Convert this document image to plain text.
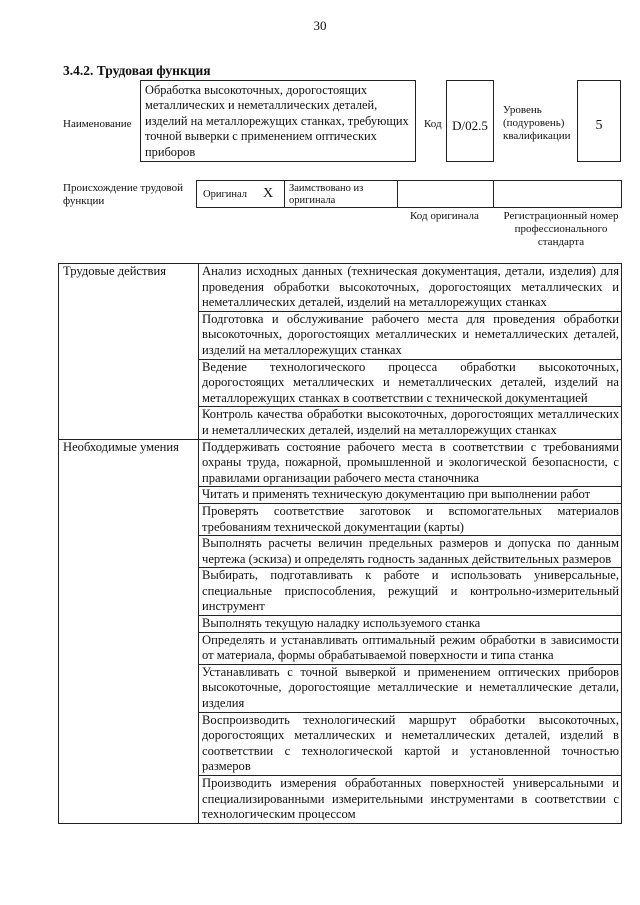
30
3.4.2. Трудовая функция
Наименование
Обработка высокоточных, дорогостоящих металлических и неметаллических деталей, изделий на металлорежущих станках, требующих точной выверки с применением оптических приборов
Код D/02.5
Уровень (подуровень) квалификации
5
Происхождение трудовой функции
Оригинал X Заимствовано из оригинала
Код оригинала	Регистрационный номер профессионального стандарта
Трудовые действия	Анализ исходных данных (техническая документация, детали, изделия) для проведения обработки высокоточных, дорогостоящих металлических и неметаллических деталей, изделий на металлорежущих станках
	Подготовка и обслуживание рабочего места для проведения обработки высокоточных, дорогостоящих металлических и неметаллических деталей, изделий на металлорежущих станках
	Ведение технологического процесса обработки высокоточных, дорогостоящих металлических и неметаллических деталей, изделий на металлорежущих станках в соответствии с технической документацией
	Контроль качества обработки высокоточных, дорогостоящих металлических и неметаллических деталей, изделий на металлорежущих станках
Необходимые умения	Поддерживать состояние рабочего места в соответствии с требованиями охраны труда, пожарной, промышленной и экологической безопасности, с правилами организации рабочего места станочника
	Читать и применять техническую документацию при выполнении работ
	Проверять соответствие заготовок и вспомогательных материалов требованиям технической документации (карты)
	Выполнять расчеты величин предельных размеров и допуска по данным чертежа (эскиза) и определять годность заданных действительных размеров
	Выбирать, подготавливать к работе и использовать универсальные, специальные приспособления, режущий и контрольно-измерительный инструмент
	Выполнять текущую наладку используемого станка
	Определять и устанавливать оптимальный режим обработки в зависимости от материала, формы обрабатываемой поверхности и типа станка
	Устанавливать с точной выверкой и применением оптических приборов высокоточные, дорогостоящие металлические и неметаллические детали, изделия
	Воспроизводить технологический маршрут обработки высокоточных, дорогостоящих металлических и неметаллических деталей, изделий в соответствии с технологической картой и установленной точностью размеров
	Производить измерения обработанных поверхностей универсальными и специализированными измерительными инструментами в соответствии с технологическим процессом
